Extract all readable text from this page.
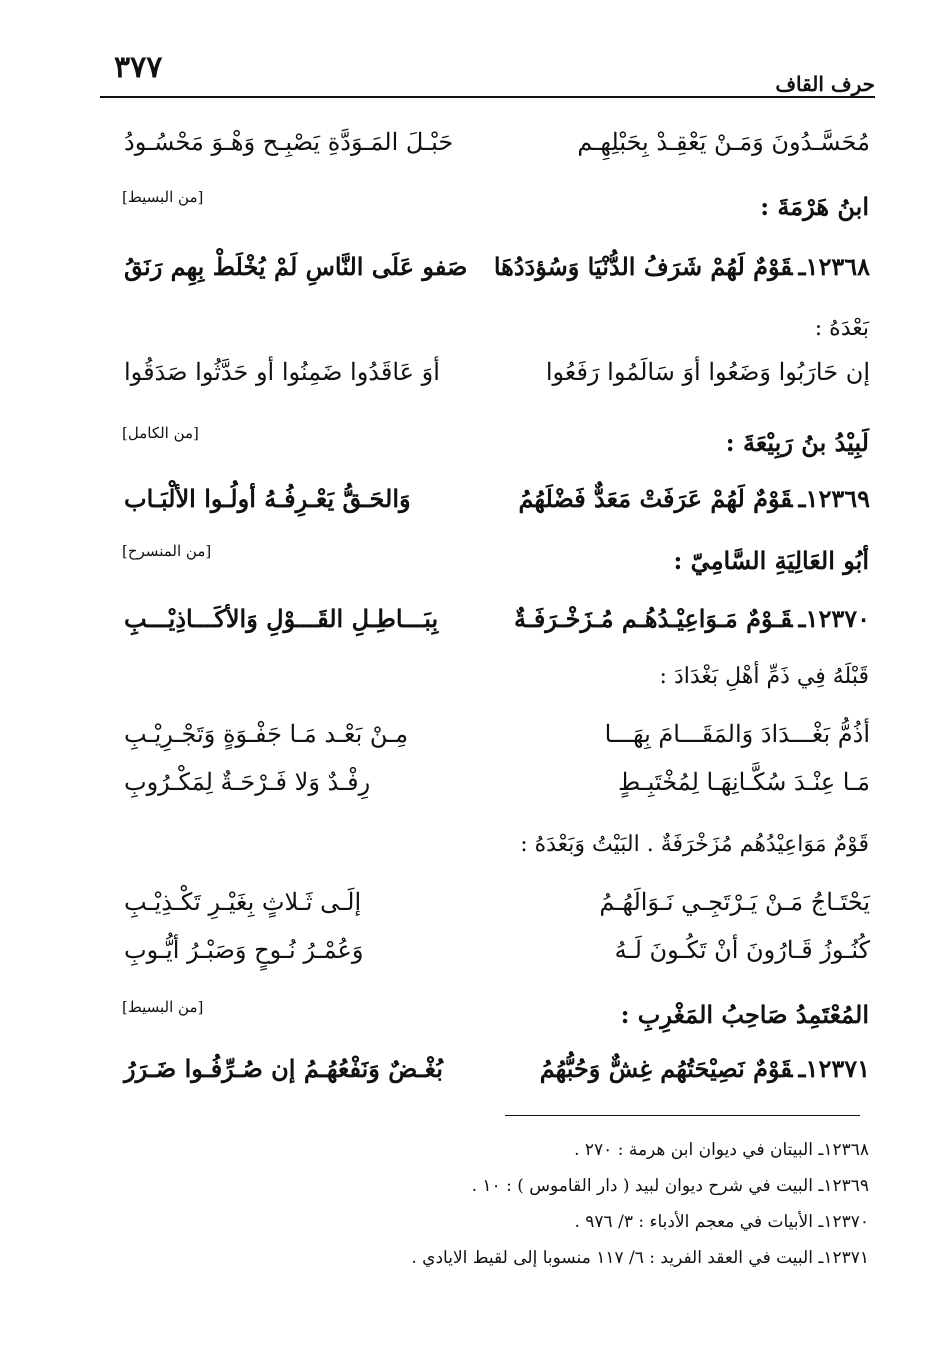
٣٧٧	حرف القاف
مُحَسَّـدُونَ وَمَـنْ يَعْقِـدْ بِحَبْلِهِـم
حَبْـلَ المَـوَدَّةِ يَصْبِـح وَهْـوَ مَحْسُـودُ
ابنُ هَرْمَةَ :
[من البسيط]
١٢٣٦٨ـقَوْمٌ لَهُمْ شَرَفُ الدُّنْيَا وَسُؤدَدُهَا
صَفو عَلَى النَّاسِ لَمْ يُخْلَطْ بِهِم رَنَقُ
بَعْدَهُ :
إن حَارَبُوا وَضَعُوا أوَ سَالَمُوا رَفَعُوا
أوَ عَاقَدُوا ضَمِنُوا أو حَدَّثُوا صَدَقُوا
لَبِيْدُ بنُ رَبِيْعَةَ :
[من الكامل]
١٢٣٦٩ـقَوْمٌ لَهُمْ عَرَفَتْ مَعَدٌّ فَضْلَهُمُ
وَالحَـقُّ يَعْـرِفُـهُ أولُـوا الألْبَـاب
أبُو العَالِيَةِ السَّامِيّ :
[من المنسرح]
١٢٣٧٠ـقَـوْمٌ مَـوَاعِيْـدُهُـم مُـزَخْـرَفَـةٌ
بِبَـــاطِـلِ القَـــوْلِ وَالأكَـــاذِيْـــبِ
قَبْلَهُ فِي ذَمِّ أهْلِ بَغْدَادَ :
أذُمُّ بَغْـــدَادَ وَالمَقَـــامَ بِهَـــا
مِـنْ بَعْـد مَـا جَفْـوَةٍ وَتَجْـرِيْـبِ
مَـا عِنْـدَ سُكَّـانِهَـا لِمُخْتَبِـطٍ
رِفْـدٌ وَلا فَـرْحَـةٌ لِمَكْـرُوبِ
قَوْمٌ مَوَاعِيْدُهُم مُزَخْرَفَةٌ . البَيْتُ وَبَعْدَهُ :
يَحْتَـاجُ مَـنْ يَـرْتَجِـي نَـوَالَهُـمُ
إلَـى ثَـلاثٍ بِغَيْـرِ تَكْـذِيْـبِ
كُنُـوزُ قَـارُونَ أنْ تَكُـونَ لَـهُ
وَعُمْـرُ نُـوحٍ وَصَبْـرُ أيُّـوبِ
المُعْتَمِدُ صَاحِبُ المَغْرِبِ :
[من البسيط]
١٢٣٧١ـقَوْمٌ نَصِيْحَتُهُم غِشٌّ وَحُبُّهُمُ
بُغْـضٌ وَنَفْعُهُـمُ إن صُـرِّفُـوا ضَـرَرُ
١٢٣٦٨ـ البيتان في ديوان ابن هرمة : ٢٧٠ .
١٢٣٦٩ـ البيت في شرح ديوان لبيد ( دار القاموس ) : ١٠ .
١٢٣٧٠ـ الأبيات في معجم الأدباء : ٣/ ٩٧٦ .
١٢٣٧١ـ البيت في العقد الفريد : ٦/ ١١٧ منسوبا إلى لقيط الايادي .
